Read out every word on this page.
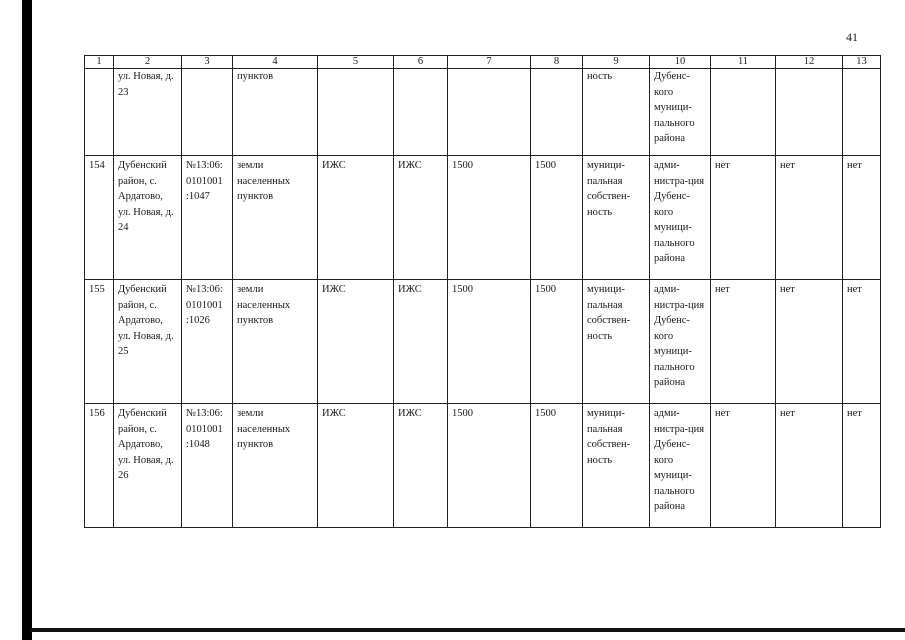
41
1	2	3	4	5	6	7	8	9	10	11	12	13
	ул. Новая, д. 23		пунктов					ность	Дубенс-кого муници-пального района			
154	Дубенский район, с. Ардатово, ул. Новая, д. 24	№13:06: 0101001 :1047	земли населенных пунктов	ИЖС	ИЖС	1500	1500	муници-пальная собствен-ность	адми-нистра-ция Дубенс-кого муници-пального района	нет	нет	нет
155	Дубенский район, с. Ардатово, ул. Новая, д. 25	№13:06: 0101001 :1026	земли населенных пунктов	ИЖС	ИЖС	1500	1500	муници-пальная собствен-ность	адми-нистра-ция Дубенс-кого муници-пального района	нет	нет	нет
156	Дубенский район, с. Ардатово, ул. Новая, д. 26	№13:06: 0101001 :1048	земли населенных пунктов	ИЖС	ИЖС	1500	1500	муници-пальная собствен-ность	адми-нистра-ция Дубенс-кого муници-пального района	нет	нет	нет
